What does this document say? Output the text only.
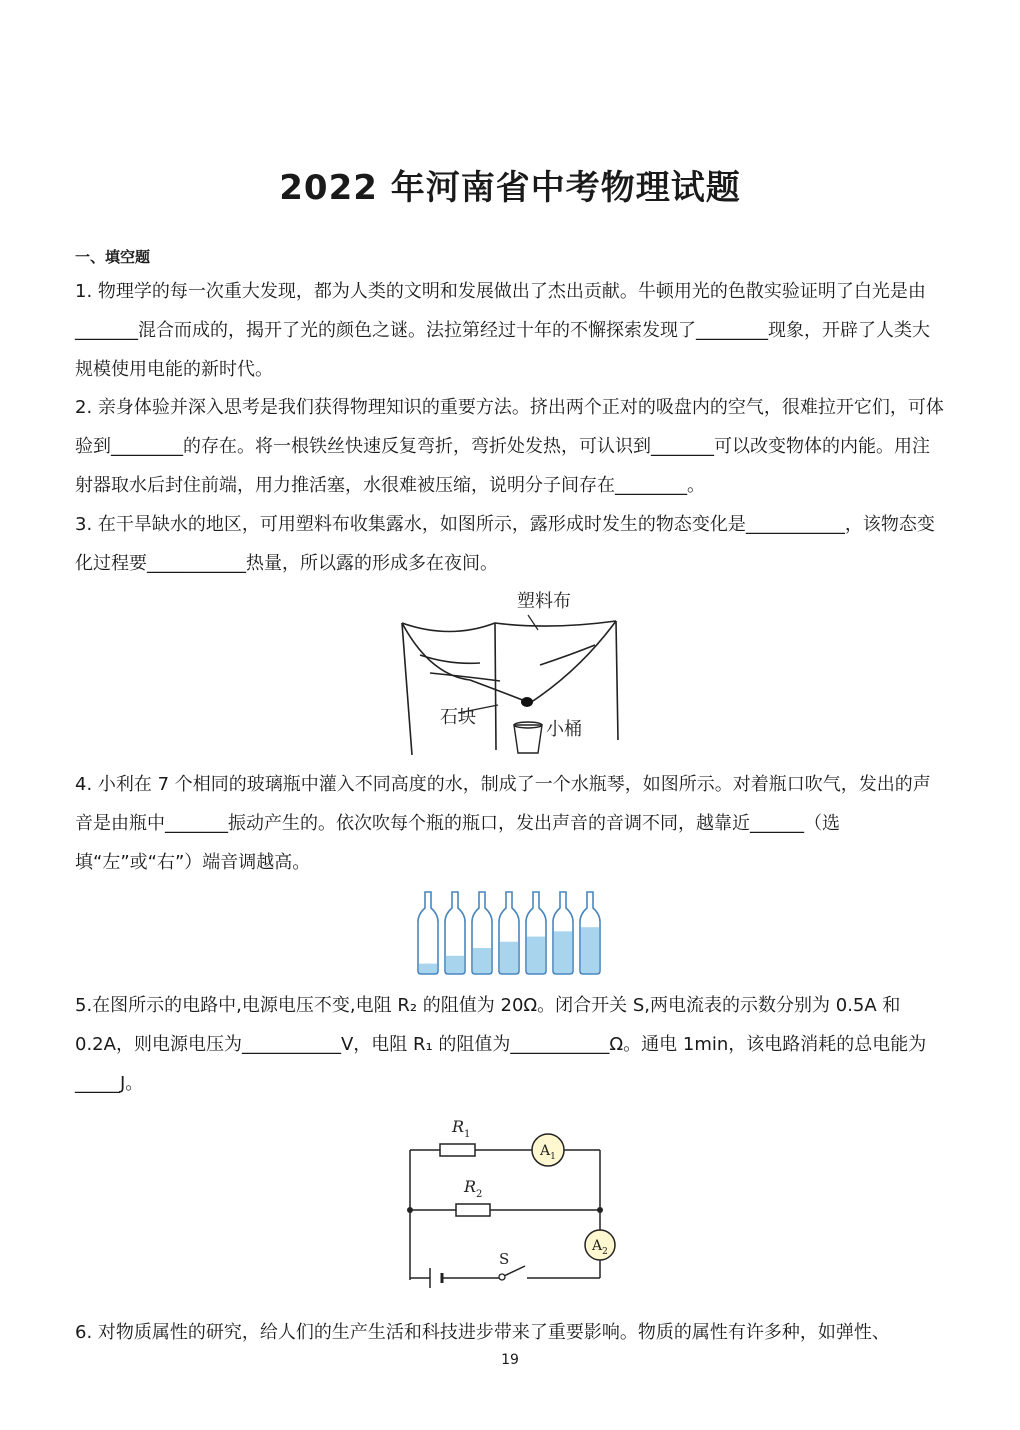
2022 年河南省中考物理试题
一、填空题
1. 物理学的每一次重大发现，都为人类的文明和发展做出了杰出贡献。牛顿用光的色散实验证明了白光是由_______混合而成的，揭开了光的颜色之谜。法拉第经过十年的不懈探索发现了________现象，开辟了人类大规模使用电能的新时代。
2. 亲身体验并深入思考是我们获得物理知识的重要方法。挤出两个正对的吸盘内的空气，很难拉开它们，可体验到________的存在。将一根铁丝快速反复弯折，弯折处发热，可认识到_______可以改变物体的内能。用注射器取水后封住前端，用力推活塞，水很难被压缩，说明分子间存在________。
3. 在干旱缺水的地区，可用塑料布收集露水，如图所示，露形成时发生的物态变化是___________，该物态变化过程要___________热量，所以露的形成多在夜间。
塑料布
石块
小桶
4. 小利在 7 个相同的玻璃瓶中灌入不同高度的水，制成了一个水瓶琴，如图所示。对着瓶口吹气，发出的声音是由瓶中_______振动产生的。依次吹每个瓶的瓶口，发出声音的音调不同，越靠近______（选填“左”或“右”）端音调越高。
5.在图所示的电路中,电源电压不变,电阻 R₂ 的阻值为 20Ω。闭合开关 S,两电流表的示数分别为 0.5A 和 0.2A，则电源电压为___________V，电阻 R₁ 的阻值为___________Ω。通电 1min，该电路消耗的总电能为_____J。
$R_1$
$R_2$
$A_1$
$A_2$
S
6. 对物质属性的研究，给人们的生产生活和科技进步带来了重要影响。物质的属性有许多种，如弹性、
19
